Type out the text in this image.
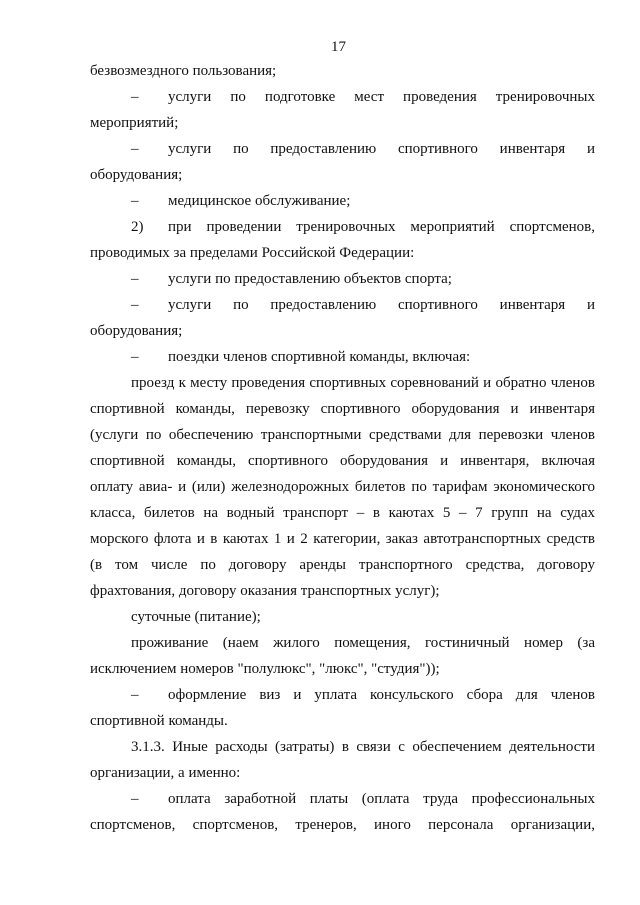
17
безвозмездного пользования;
–	услуги по подготовке мест проведения тренировочных
мероприятий;
–	услуги по предоставлению спортивного инвентаря и
оборудования;
–	медицинское обслуживание;
2)	при проведении тренировочных мероприятий спортсменов,
проводимых за пределами Российской Федерации:
–	услуги по предоставлению объектов спорта;
–	услуги по предоставлению спортивного инвентаря и
оборудования;
–	поездки членов спортивной команды, включая:
проезд к месту проведения спортивных соревнований и обратно членов
спортивной команды, перевозку спортивного оборудования и инвентаря
(услуги по обеспечению транспортными средствами для перевозки членов
спортивной команды, спортивного оборудования и инвентаря, включая
оплату авиа- и (или) железнодорожных билетов по тарифам экономического
класса, билетов на водный транспорт – в каютах 5 – 7 групп на судах
морского флота и в каютах 1 и 2 категории, заказ автотранспортных средств
(в том числе по договору аренды транспортного средства, договору
фрахтования, договору оказания транспортных услуг);
суточные (питание);
проживание (наем жилого помещения, гостиничный номер (за
исключением номеров "полулюкс", "люкс", "студия"));
–	оформление виз и уплата консульского сбора для членов
спортивной команды.
3.1.3. Иные расходы (затраты) в связи с обеспечением деятельности
организации, а именно:
–	оплата заработной платы (оплата труда профессиональных
спортсменов, спортсменов, тренеров, иного персонала организации,
